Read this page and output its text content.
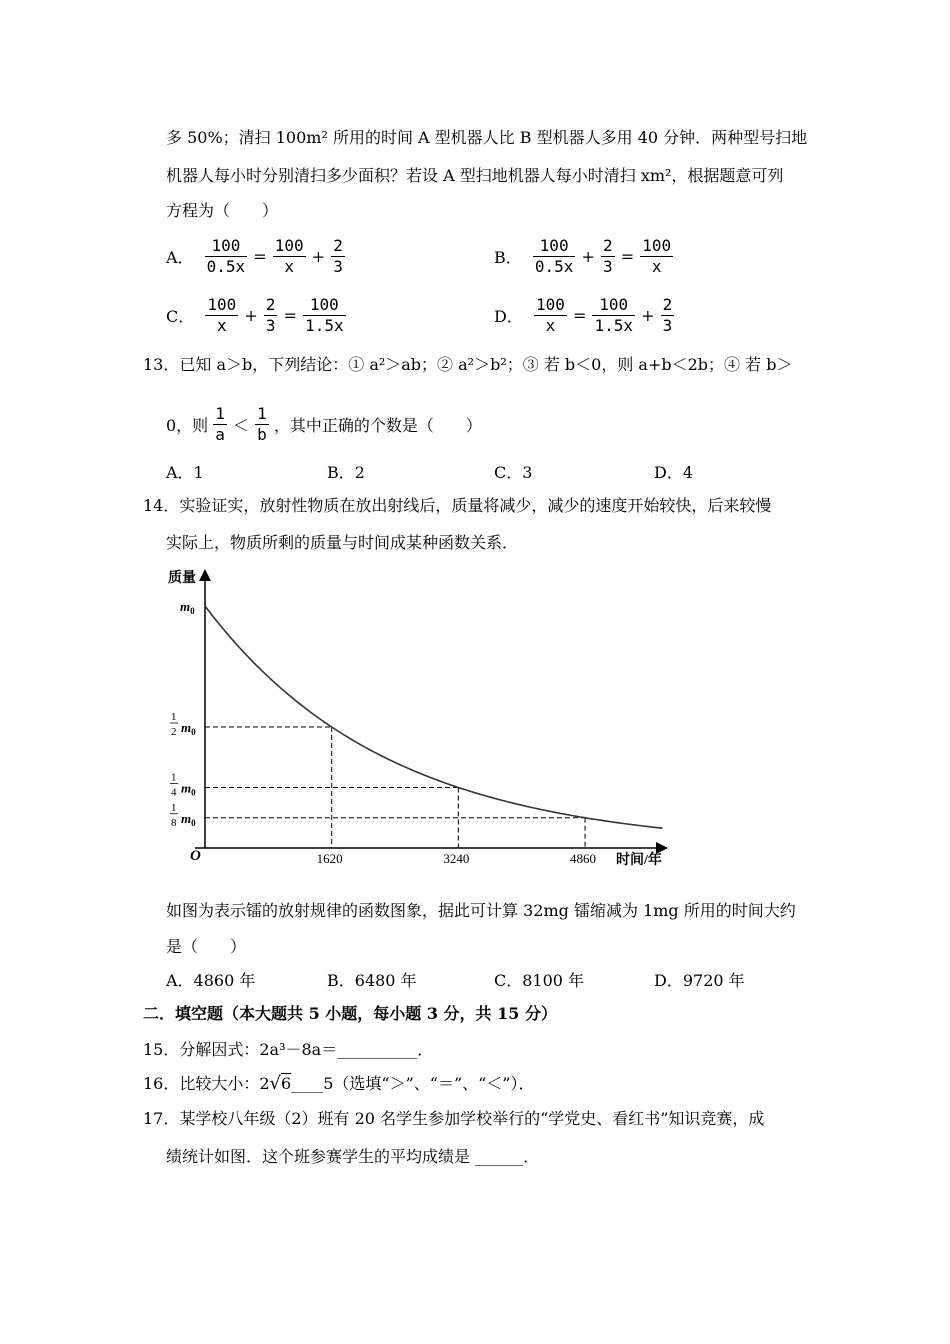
多 50%；清扫 100m² 所用的时间 A 型机器人比 B 型机器人多用 40 分钟．两种型号扫地
机器人每小时分别清扫多少面积？若设 A 型扫地机器人每小时清扫 xm²，根据题意可列
方程为（　　）
A． $\frac{100}{0.5x} = \frac{100}{x} + \frac{2}{3}$	B． $\frac{100}{0.5x} + \frac{2}{3} = \frac{100}{x}$
C． $\frac{100}{x} + \frac{2}{3} = \frac{100}{1.5x}$	D． $\frac{100}{x} = \frac{100}{1.5x} + \frac{2}{3}$
13．已知 a＞b，下列结论：① a²＞ab；② a²＞b²；③ 若 b＜0，则 a+b＜2b；④ 若 b＞
0，则 $\frac{1}{a} < \frac{1}{b}$ ，其中正确的个数是（　　）
A．1	B．2	C．3	D．4
14．实验证实，放射性物质在放出射线后，质量将减少，减少的速度开始较快，后来较慢
实际上，物质所剩的质量与时间成某种函数关系．
质量
时间/年
O	1620	3240	4860
$m_0$
1
2 $m_0$
1
4 $m_0$
1
8 $m_0$
如图为表示镭的放射规律的函数图象，据此可计算 32mg 镭缩减为 1mg 所用的时间大约
是（　　）
A．4860 年	B．6480 年	C．8100 年	D．9720 年
二．填空题（本大题共 5 小题，每小题 3 分，共 15 分）
15．分解因式：2a³－8a＝__________．
16．比较大小：2√6____5（选填“＞”、“＝”、“＜”）．
17．某学校八年级（2）班有 20 名学生参加学校举行的“学党史、看红书”知识竞赛，成
绩统计如图．这个班参赛学生的平均成绩是 ______．
